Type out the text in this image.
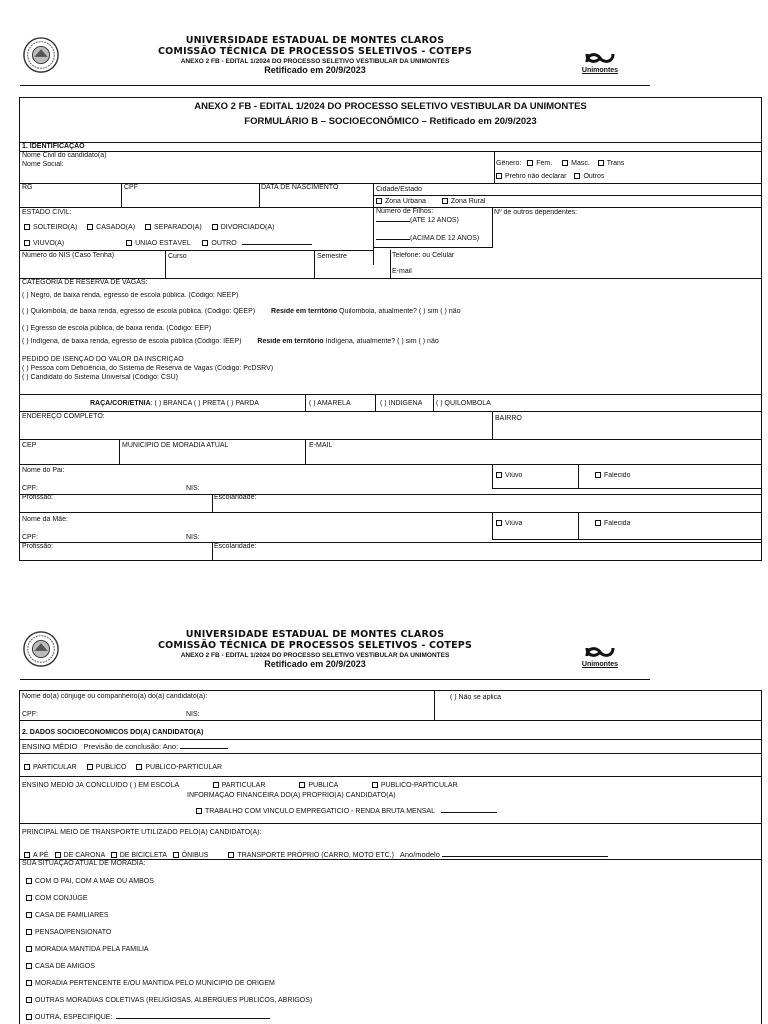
UNIVERSIDADE ESTADUAL DE MONTES CLAROS
COMISSÃO TÉCNICA DE PROCESSOS SELETIVOS - COTEPS
ANEXO 2 FB - EDITAL 1/2024 DO PROCESSO SELETIVO VESTIBULAR DA UNIMONTES
Retificado em 20/9/2023	Unimontes
ANEXO 2 FB - EDITAL 1/2024 DO PROCESSO SELETIVO VESTIBULAR DA UNIMONTES
FORMULÁRIO B – SOCIOECONÔMICO – Retificado em 20/9/2023
1. IDENTIFICAÇÃO
Nome Civil do candidato(a)
Nome Social:	Gênero: Fem.	Masc. Trans
Prefiro não declarar Outros
RG	CPF	DATA DE NASCIMENTO	Cidade/Estado
Zona Urbana	Zona Rural
ESTADO CIVIL:
SOLTEIRO(A)	CASADO(A)	SEPARADO(A)	DIVORCIADO(A)
VIÚVO(A)	UNIÃO ESTÁVEL	OUTRO
Número de Filhos:
(ATÉ 12 ANOS)
(ACIMA DE 12 ANOS)
Nº de outros dependentes:
Número do NIS (Caso Tenha)	Curso	Semestre	Telefone: ou Celular
E-mail
CATEGORIA DE RESERVA DE VAGAS:
( ) Negro, de baixa renda, egresso de escola pública. (Código: NEEP)
( ) Quilombola, de baixa renda, egresso de escola pública. (Código: QEEP) Reside em território Quilombola, atualmente? ( ) sim ( ) não
( ) Egresso de escola pública, de baixa renda. (Código: EEP)
( ) Indígena, de baixa renda, egresso de escola pública (Código: IEEP) Reside em território Indígena, atualmente? ( ) sim ( ) não
PEDIDO DE ISENÇÃO DO VALOR DA INSCRIÇÃO
( ) Pessoa com Deficiência, do Sistema de Reserva de Vagas (Código: PcDSRV)
( ) Candidato do Sistema Universal (Código: CSU)
RAÇA/COR/ETNIA: ( ) BRANCA ( ) PRETA ( ) PARDA	( ) AMARELA	( ) INDÍGENA ( ) QUILOMBOLA
ENDEREÇO COMPLETO:	BAIRRO
CEP	MUNICÍPIO DE MORADIA ATUAL	E-MAIL
Nome do Pai:
Viúvo	Falecido
CPF:	NIS:
Profissão:	Escolaridade:
Nome da Mãe:
Viúva	Falecida
CPF:	NIS:
Profissão:	Escolaridade:
UNIVERSIDADE ESTADUAL DE MONTES CLAROS
COMISSÃO TÉCNICA DE PROCESSOS SELETIVOS - COTEPS
ANEXO 2 FB - EDITAL 1/2024 DO PROCESSO SELETIVO VESTIBULAR DA UNIMONTES
Retificado em 20/9/2023	Unimontes
Nome do(a) cônjuge ou companheiro(a) do(a) candidato(a):	( ) Não se aplica
CPF:	NIS:
2. DADOS SÓCIOECONÔMICOS DO(A) CANDIDATO(A)
ENSINO MÉDIO Previsão de conclusão: Ano:
PARTICULAR	PÚBLICO	PÚBLICO-PARTICULAR
ENSINO MÉDIO JÁ CONCLUÍDO ( ) EM ESCOLA	PARTICULAR	PÚBLICA	PÚBLICO-PARTICULAR
INFORMAÇÃO FINANCEIRA DO(A) PRÓPRIO(A) CANDIDATO(A)
TRABALHO COM VÍNCULO EMPREGATÍCIO - RENDA BRUTA MENSAL
PRINCIPAL MEIO DE TRANSPORTE UTILIZADO PELO(A) CANDIDATO(A):
A PÉ DE CARONA DE BICICLETA ÔNIBUS	TRANSPORTE PRÓPRIO (CARRO, MOTO ETC.) Ano/modelo
SUA SITUAÇÃO ATUAL DE MORADIA:
COM O PAI, COM A MÃE OU AMBOS
COM CÔNJUGE
CASA DE FAMILIARES
PENSÃO/PENSIONATO
MORADIA MANTIDA PELA FAMÍLIA
CASA DE AMIGOS
MORADIA PERTENCENTE E/OU MANTIDA PELO MUNICÍPIO DE ORIGEM
OUTRAS MORADIAS COLETIVAS (RELIGIOSAS, ALBERGUES PÚBLICOS, ABRIGOS)
OUTRA, ESPECIFIQUE:
